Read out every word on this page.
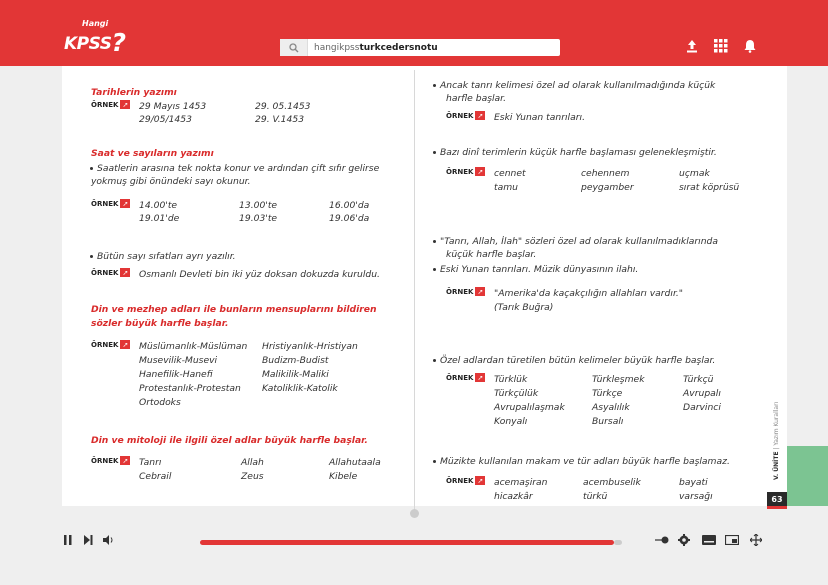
Hangi
KPSS?	hangikpssturkcedersnotu
Tarihlerin yazımı
ÖRNEK ➚ 29 Mayıs 1453	29. 05.1453
29/05/1453	29. V.1453
Saat ve sayıların yazımı
Saatlerin arasına tek nokta konur ve ardından çift sıfır gelirse
yokmuş gibi önündeki sayı okunur.
ÖRNEK ➚ 14.00'te	13.00'te	16.00'da
19.01'de	19.03'te	19.06'da
Bütün sayı sıfatları ayrı yazılır.
ÖRNEK ➚ Osmanlı Devleti bin iki yüz doksan dokuzda kuruldu.
Din ve mezhep adları ile bunların mensuplarını bildiren
sözler büyük harfle başlar.
ÖRNEK ➚ Müslümanlık-Müslüman Hristiyanlık-Hristiyan
Musevilik-Musevi	Budizm-Budist
Hanefilik-Hanefi	Malikilik-Maliki
Protestanlık-Protestan Katoliklik-Katolik
Ortodoks
Din ve mitoloji ile ilgili özel adlar büyük harfle başlar.
ÖRNEK ➚ Tanrı	Allah	Allahutaala
Cebrail	Zeus	Kibele
Ancak tanrı kelimesi özel ad olarak kullanılmadığında küçük
harfle başlar.
ÖRNEK ➚ Eski Yunan tanrıları.
Bazı dinî terimlerin küçük harfle başlaması gelenekleşmiştir.
ÖRNEK ➚ cennet	cehennem	uçmak
tamu	peygamber	sırat köprüsü
"Tanrı, Allah, İlah" sözleri özel ad olarak kullanılmadıklarında
küçük harfle başlar.
Eski Yunan tanrıları. Müzik dünyasının ilahı.
ÖRNEK ➚ "Amerika'da kaçakçılığın allahları vardır."
(Tarık Buğra)
Özel adlardan türetilen bütün kelimeler büyük harfle başlar.
ÖRNEK ➚ Türklük	Türkleşmek	Türkçü
Türkçülük	Türkçe	Avrupalı
Avrupalılaşmak	Asyalılık	Darvinci
Konyalı	Bursalı
Müzikte kullanılan makam ve tür adları büyük harfle başlamaz.
ÖRNEK ➚ acemaşiran	acembuselik	bayati
hicazkâr	türkü	varsağı
V. ÜNİTE | Yazım Kuralları
63
